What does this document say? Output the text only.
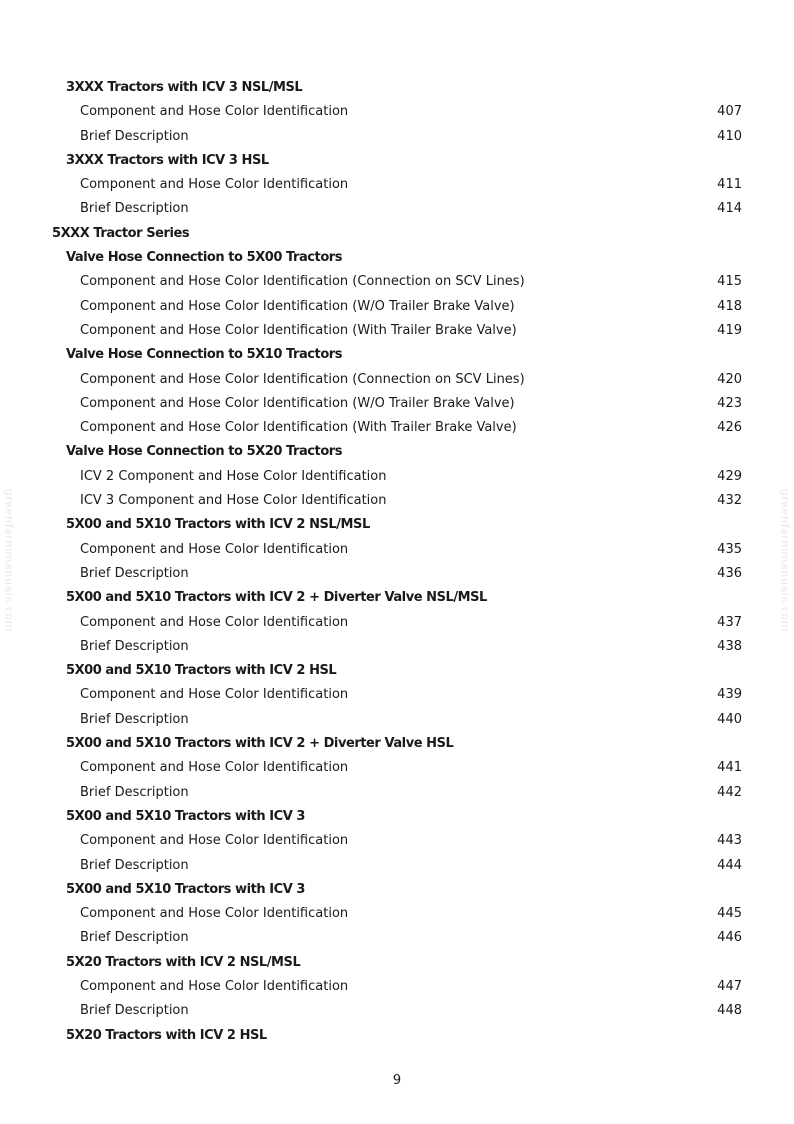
greenfarmmanuals.com	greenfarmmanuals.com
3XXX Tractors with ICV 3 NSL/MSL
Component and Hose Color Identification	407
Brief Description	410
3XXX Tractors with ICV 3 HSL
Component and Hose Color Identification	411
Brief Description	414
5XXX Tractor Series
Valve Hose Connection to 5X00 Tractors
Component and Hose Color Identification (Connection on SCV Lines)	415
Component and Hose Color Identification (W/O Trailer Brake Valve)	418
Component and Hose Color Identification (With Trailer Brake Valve)	419
Valve Hose Connection to 5X10 Tractors
Component and Hose Color Identification (Connection on SCV Lines)	420
Component and Hose Color Identification (W/O Trailer Brake Valve)	423
Component and Hose Color Identification (With Trailer Brake Valve)	426
Valve Hose Connection to 5X20 Tractors
ICV 2 Component and Hose Color Identification	429
ICV 3 Component and Hose Color Identification	432
5X00 and 5X10 Tractors with ICV 2 NSL/MSL
Component and Hose Color Identification	435
Brief Description	436
5X00 and 5X10 Tractors with ICV 2 + Diverter Valve NSL/MSL
Component and Hose Color Identification	437
Brief Description	438
5X00 and 5X10 Tractors with ICV 2 HSL
Component and Hose Color Identification	439
Brief Description	440
5X00 and 5X10 Tractors with ICV 2 + Diverter Valve HSL
Component and Hose Color Identification	441
Brief Description	442
5X00 and 5X10 Tractors with ICV 3
Component and Hose Color Identification	443
Brief Description	444
5X00 and 5X10 Tractors with ICV 3
Component and Hose Color Identification	445
Brief Description	446
5X20 Tractors with ICV 2 NSL/MSL
Component and Hose Color Identification	447
Brief Description	448
5X20 Tractors with ICV 2 HSL
9
